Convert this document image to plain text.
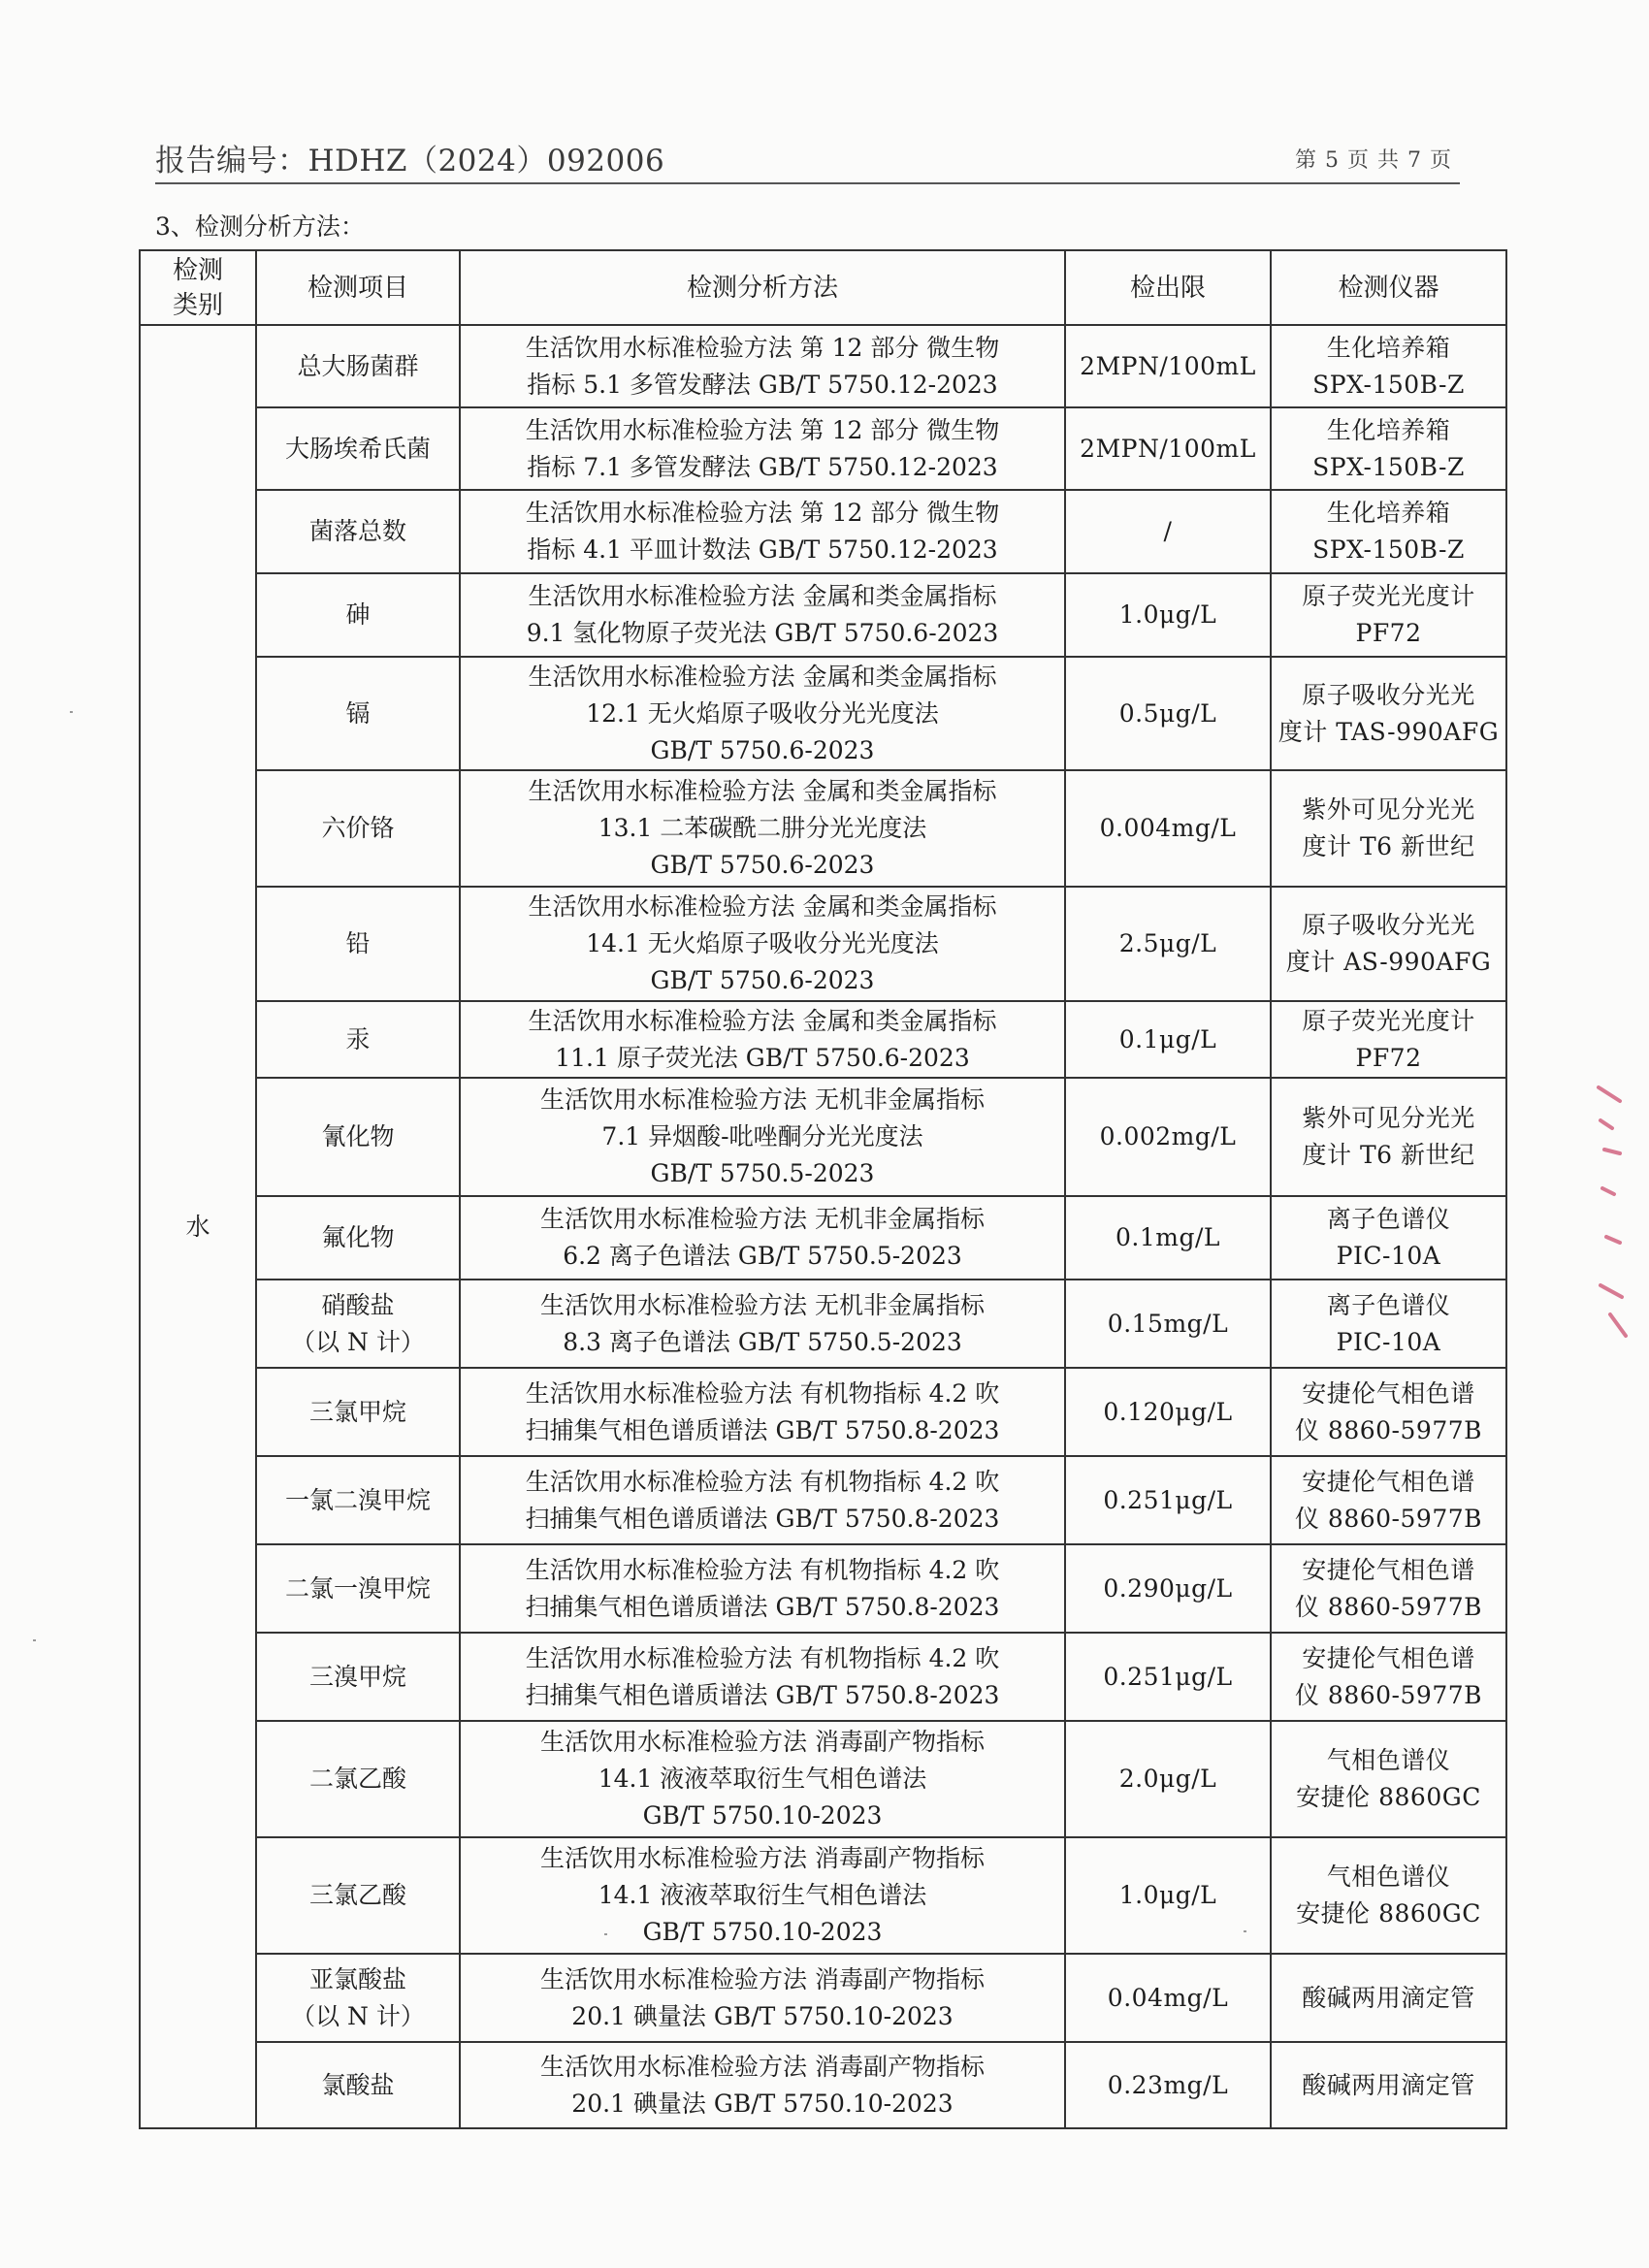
报告编号：HDHZ（2024）092006	第 5 页 共 7 页
3、检测分析方法：
检测
类别	检测项目	检测分析方法	检出限	检测仪器
水	总大肠菌群	生活饮用水标准检验方法 第 12 部分 微生物
指标 5.1 多管发酵法 GB/T 5750.12-2023	2MPN/100mL	生化培养箱
SPX-150B-Z

	大肠埃希氏菌	生活饮用水标准检验方法 第 12 部分 微生物
指标 7.1 多管发酵法 GB/T 5750.12-2023	2MPN/100mL	生化培养箱
SPX-150B-Z

	菌落总数	生活饮用水标准检验方法 第 12 部分 微生物
指标 4.1 平皿计数法 GB/T 5750.12-2023	/	生化培养箱
SPX-150B-Z

	砷	生活饮用水标准检验方法 金属和类金属指标
9.1 氢化物原子荧光法 GB/T 5750.6-2023	1.0μg/L	原子荧光光度计
PF72

	镉	生活饮用水标准检验方法 金属和类金属指标
12.1 无火焰原子吸收分光光度法
GB/T 5750.6-2023	0.5μg/L	原子吸收分光光
度计 TAS-990AFG

	六价铬	生活饮用水标准检验方法 金属和类金属指标
13.1 二苯碳酰二肼分光光度法
GB/T 5750.6-2023	0.004mg/L	紫外可见分光光
度计 T6 新世纪

	铅	生活饮用水标准检验方法 金属和类金属指标
14.1 无火焰原子吸收分光光度法
GB/T 5750.6-2023	2.5μg/L	原子吸收分光光
度计 AS-990AFG

	汞	生活饮用水标准检验方法 金属和类金属指标
11.1 原子荧光法 GB/T 5750.6-2023	0.1μg/L	原子荧光光度计
PF72

	氰化物	生活饮用水标准检验方法 无机非金属指标
7.1 异烟酸-吡唑酮分光光度法
GB/T 5750.5-2023	0.002mg/L	紫外可见分光光
度计 T6 新世纪

	氟化物	生活饮用水标准检验方法 无机非金属指标
6.2 离子色谱法 GB/T 5750.5-2023	0.1mg/L	离子色谱仪
PIC-10A

	硝酸盐
（以 N 计）	生活饮用水标准检验方法 无机非金属指标
8.3 离子色谱法 GB/T 5750.5-2023	0.15mg/L	离子色谱仪
PIC-10A

	三氯甲烷	生活饮用水标准检验方法 有机物指标 4.2 吹
扫捕集气相色谱质谱法 GB/T 5750.8-2023	0.120μg/L	安捷伦气相色谱
仪 8860-5977B

	一氯二溴甲烷	生活饮用水标准检验方法 有机物指标 4.2 吹
扫捕集气相色谱质谱法 GB/T 5750.8-2023	0.251μg/L	安捷伦气相色谱
仪 8860-5977B

	二氯一溴甲烷	生活饮用水标准检验方法 有机物指标 4.2 吹
扫捕集气相色谱质谱法 GB/T 5750.8-2023	0.290μg/L	安捷伦气相色谱
仪 8860-5977B

	三溴甲烷	生活饮用水标准检验方法 有机物指标 4.2 吹
扫捕集气相色谱质谱法 GB/T 5750.8-2023	0.251μg/L	安捷伦气相色谱
仪 8860-5977B

	二氯乙酸	生活饮用水标准检验方法 消毒副产物指标
14.1 液液萃取衍生气相色谱法
GB/T 5750.10-2023	2.0μg/L	气相色谱仪
安捷伦 8860GC

	三氯乙酸	生活饮用水标准检验方法 消毒副产物指标
14.1 液液萃取衍生气相色谱法
GB/T 5750.10-2023	1.0μg/L	气相色谱仪
安捷伦 8860GC

	亚氯酸盐
（以 N 计）	生活饮用水标准检验方法 消毒副产物指标
20.1 碘量法 GB/T 5750.10-2023	0.04mg/L	酸碱两用滴定管

	氯酸盐	生活饮用水标准检验方法 消毒副产物指标
20.1 碘量法 GB/T 5750.10-2023	0.23mg/L	酸碱两用滴定管
